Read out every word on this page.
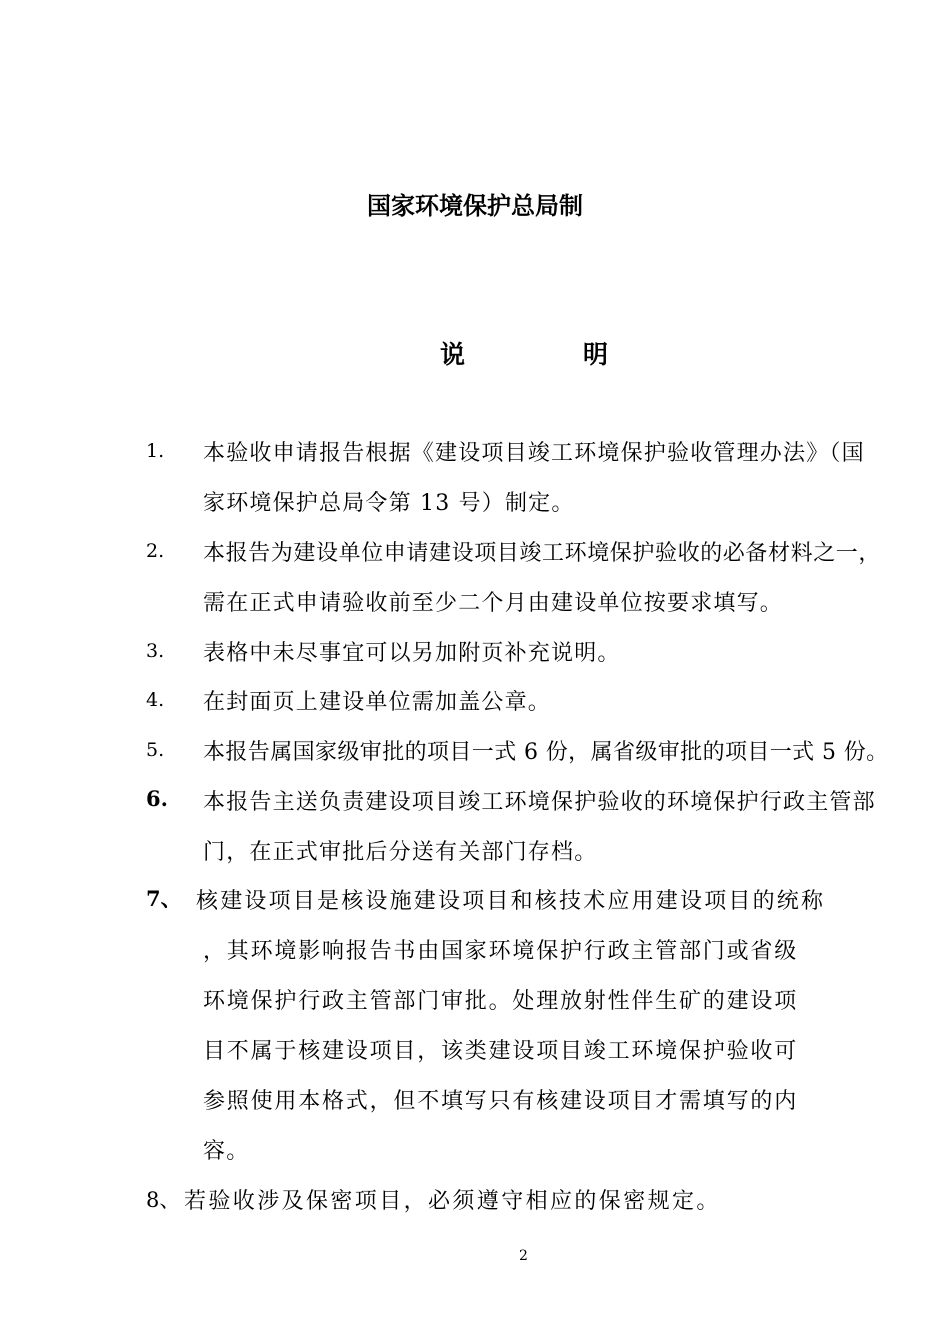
国家环境保护总局制
说	明
1. 本验收申请报告根据《建设项目竣工环境保护验收管理办法》（国
家环境保护总局令第 13 号）制定。
2. 本报告为建设单位申请建设项目竣工环境保护验收的必备材料之一，
需在正式申请验收前至少二个月由建设单位按要求填写。
3. 表格中未尽事宜可以另加附页补充说明。
4. 在封面页上建设单位需加盖公章。
5. 本报告属国家级审批的项目一式 6 份，属省级审批的项目一式 5 份。
6. 本报告主送负责建设项目竣工环境保护验收的环境保护行政主管部
门，在正式审批后分送有关部门存档。
7、 核建设项目是核设施建设项目和核技术应用建设项目的统称
，其环境影响报告书由国家环境保护行政主管部门或省级
环境保护行政主管部门审批。处理放射性伴生矿的建设项
目不属于核建设项目，该类建设项目竣工环境保护验收可
参照使用本格式，但不填写只有核建设项目才需填写的内
容。
8、 若验收涉及保密项目，必须遵守相应的保密规定。
2
